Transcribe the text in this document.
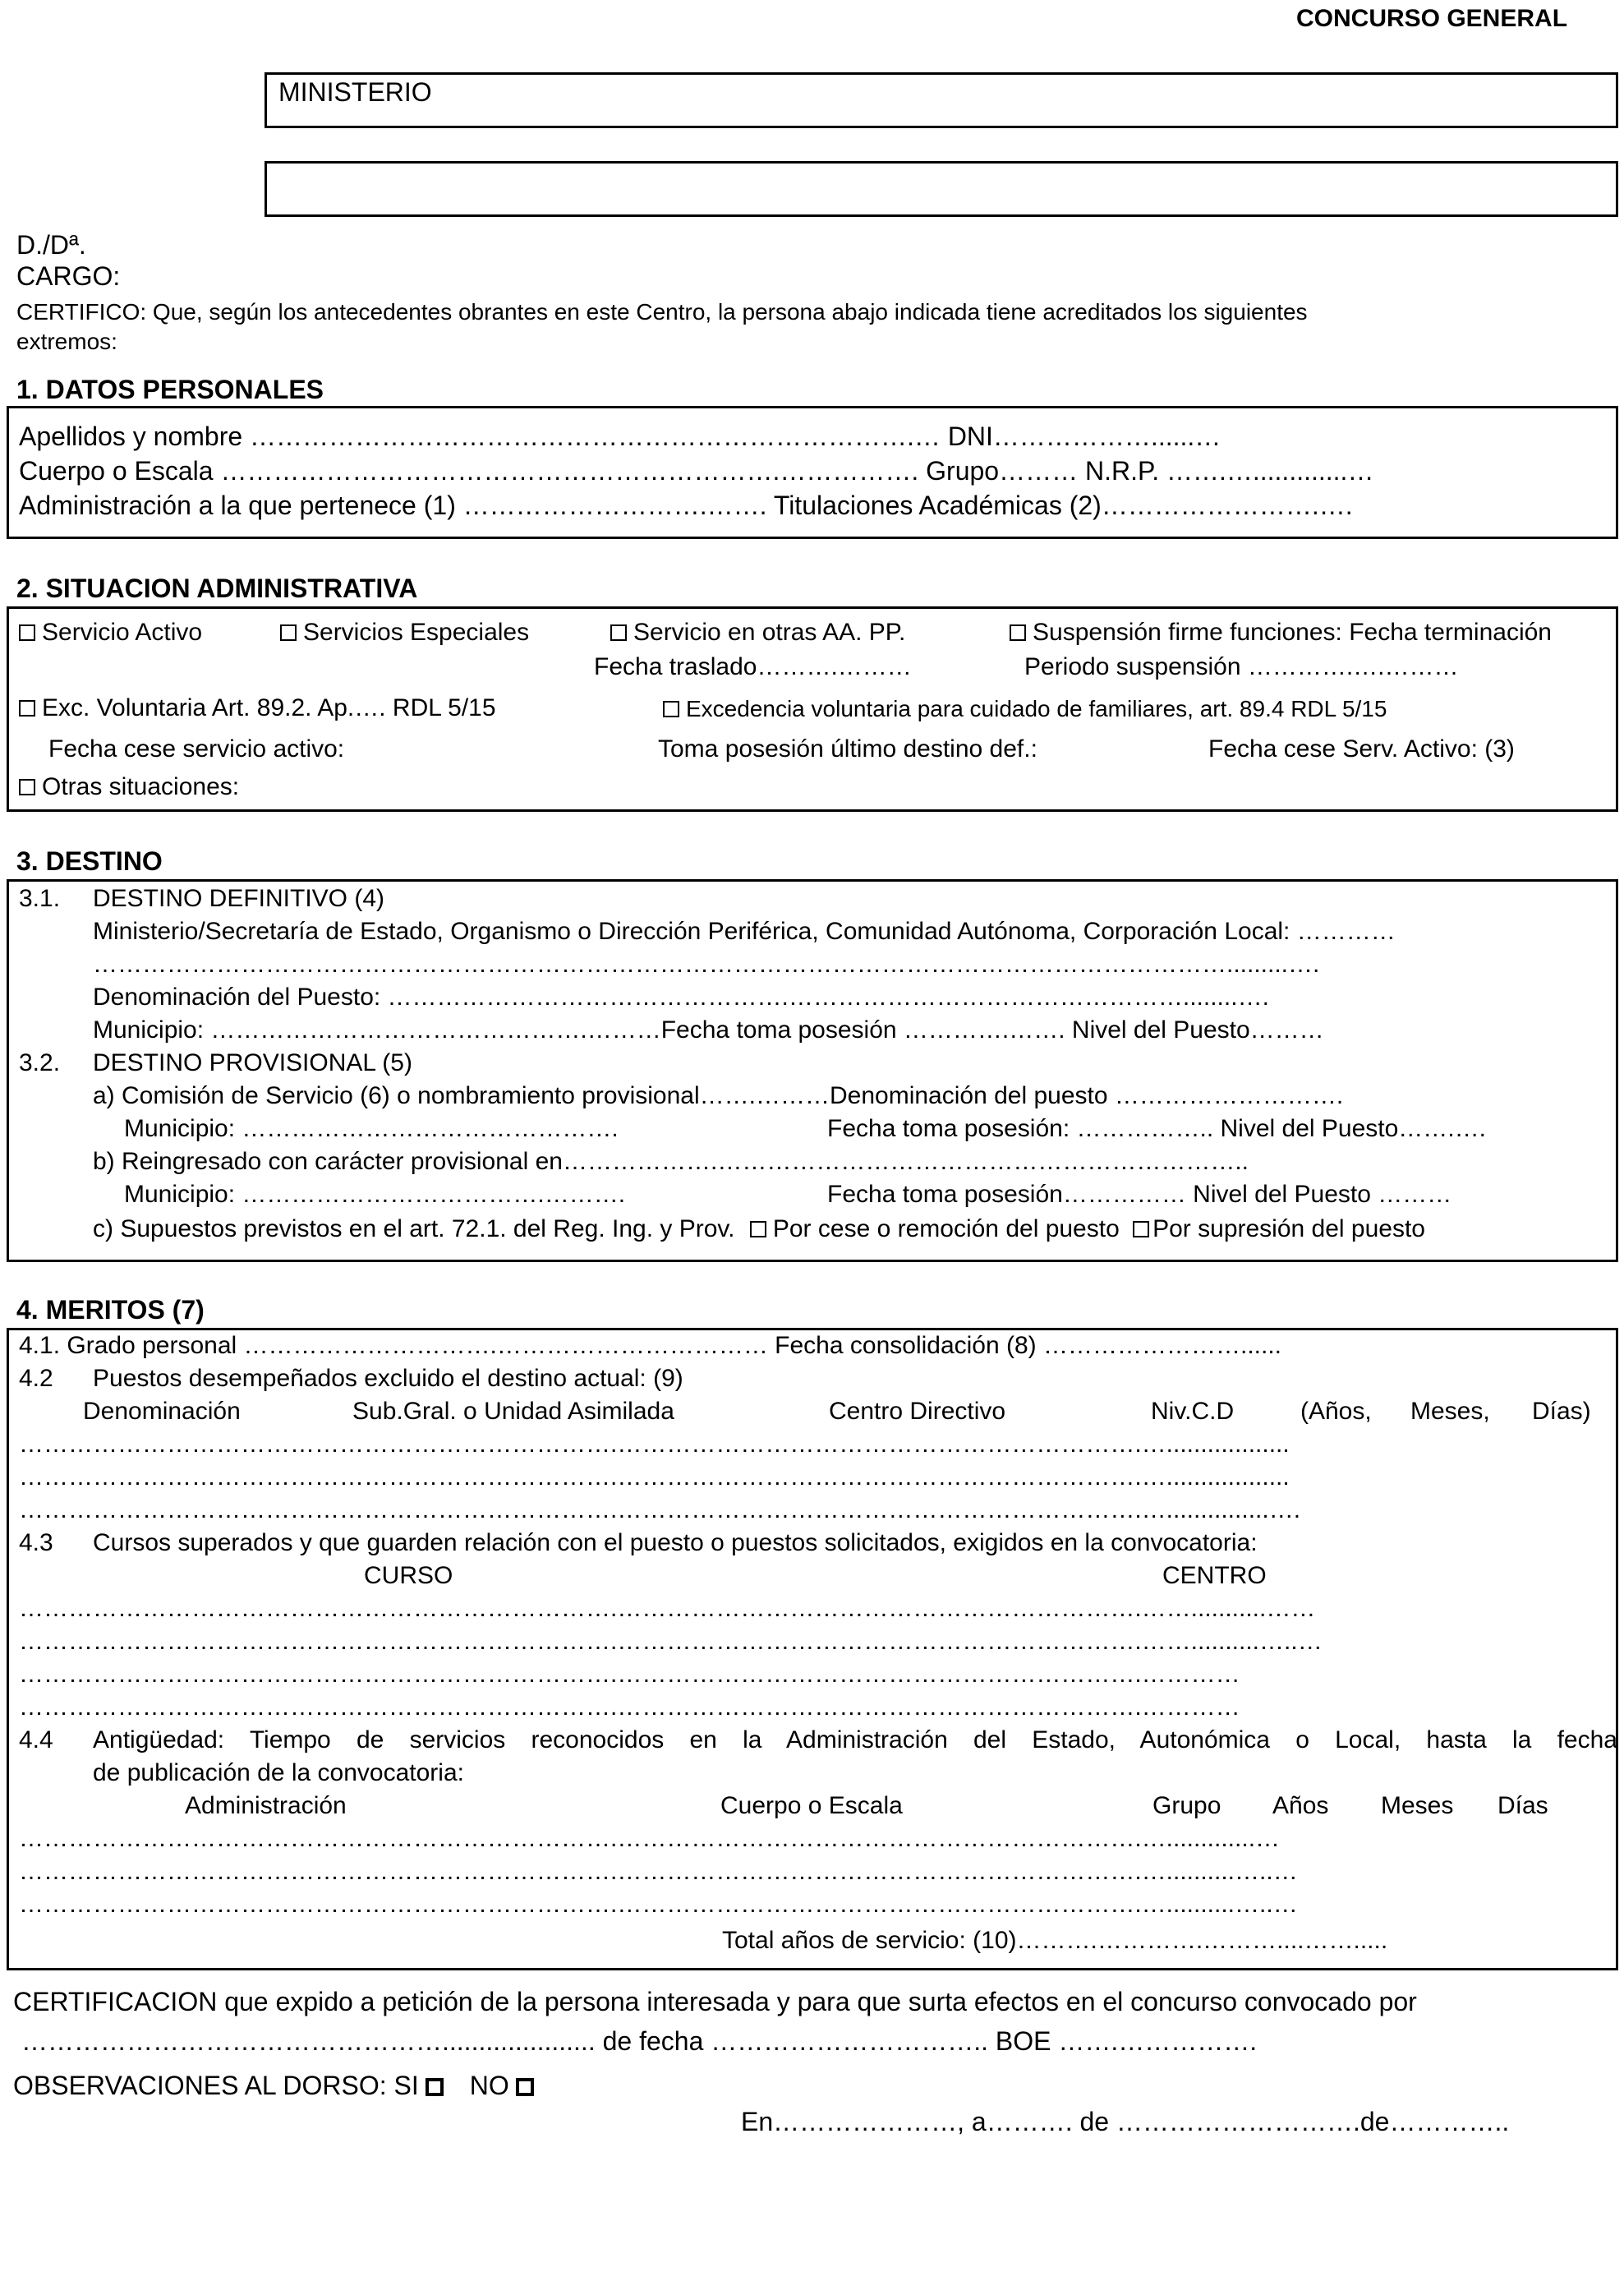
CONCURSO GENERAL
MINISTERIO
D./Dª.
CARGO:
CERTIFICO: Que, según los antecedentes obrantes en este Centro, la persona abajo indicada tiene acreditados los siguientes
extremos:
1. DATOS PERSONALES
Apellidos y nombre ………………………………………………………………….… DNI………………......…
Cuerpo o Escala ……………………………………………………….……………. Grupo……… N.R.P. …….….............…
Administración a la que pertenece (1) ……………………….……. Titulaciones Académicas (2)…………………….….
2. SITUACION ADMINISTRATIVA
Servicio Activo	Servicios Especiales	Servicio en otras AA. PP.	Suspensión firme funciones: Fecha terminación
Fecha traslado……….………	Periodo suspensión ………….….………
Exc. Voluntaria Art. 89.2. Ap.…. RDL 5/15	Excedencia voluntaria para cuidado de familiares, art. 89.4 RDL 5/15
Fecha cese servicio activo:	Toma posesión último destino def.:	Fecha cese Serv. Activo: (3)
Otras situaciones:
3. DESTINO
3.1. DESTINO DEFINITIVO (4)
Ministerio/Secretaría de Estado, Organismo o Dirección Periférica, Comunidad Autónoma, Corporación Local: …………
………………………………………………………………………………………………………………………….........….
Denominación del Puesto: ………………………………………….…………………………………………........….
Municipio: ……………………………………….………Fecha toma posesión ………….……. Nivel del Puesto………
3.2. DESTINO PROVISIONAL (5)
a) Comisión de Servicio (6) o nombramiento provisional…….………Denominación del puesto ……………………….
Municipio: ……………………………………….	Fecha toma posesión: …………….. Nivel del Puesto…….….
b) Reingresado con carácter provisional en……………….………………………………………………………..
Municipio: ……………………………….……….	Fecha toma posesión…………… Nivel del Puesto ………
c) Supuestos previstos en el art. 72.1. del Reg. Ing. y Prov. Por cese o remoción del puesto Por supresión del puesto
4. MERITOS (7)
4.1. Grado personal ………………………….…………………………… Fecha consolidación (8) ……………………......
4.2 Puestos desempeñados excluido el destino actual: (9)
Denominación	Sub.Gral. o Unidad Asimilada	Centro Directivo	Niv.C.D	(Años, Meses, Días)
……………………………………………………………….……………………………………………………….…..................
……………………………………………………………….……………………………………………………….…..................
……………………………………………………………….……………………………………………………….…...............….
4.3 Cursos superados y que guarden relación con el puesto o puestos solicitados, exigidos en la convocatoria:
CURSO	CENTRO
……………………………………………………………….……………………………………………………….……...........……
……………………………………………………………….……………………………………………………….……..........…..…
……………………………………………………………….……………………………………………………….…………
……………………………………………………………….……………………………………………………….…………
4.4 Antigüedad: Tiempo de servicios reconocidos en la Administración del Estado, Autonómica o Local, hasta la fecha
de publicación de la convocatoria:
Administración	Cuerpo o Escala	Grupo Años Meses Días
……………………………………………………………….……………………………………………………….….............…
……………………………………………………………….……………………………………………………….…..........…..…
……………………………………………………………….……………………………………………………….…..........…..…
Total años de servicio: (10)……….………….………....…….....
CERTIFICACION que expido a petición de la persona interesada y para que surta efectos en el concurso convocado por
…………………………………………..................... de fecha ………………………….. BOE …….…………….
OBSERVACIONES AL DORSO: SI NO
En…………………, a………. de ……………………….de…………..
